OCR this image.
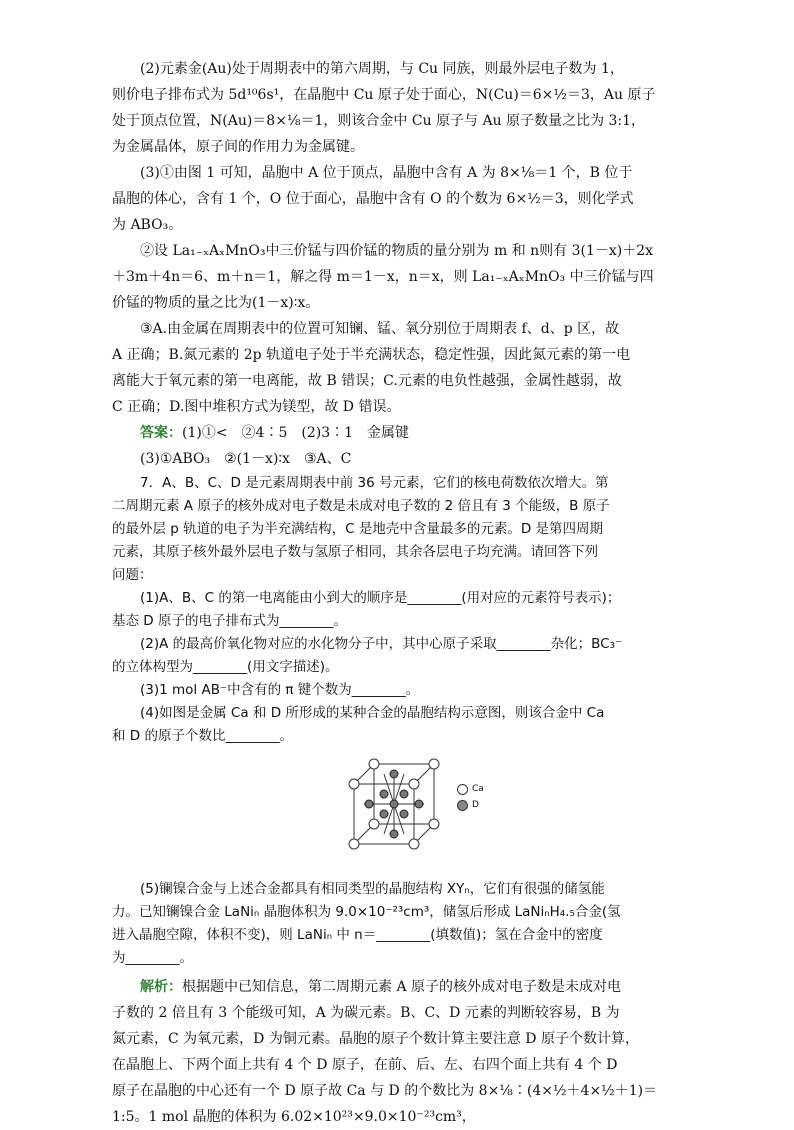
(2)元素金(Au)处于周期表中的第六周期，与 Cu 同族，则最外层电子数为 1，

则价电子排布式为 5d¹⁰6s¹，在晶胞中 Cu 原子处于面心，N(Cu)＝6×½＝3，Au 原子

处于顶点位置，N(Au)＝8×⅛＝1，则该合金中 Cu 原子与 Au 原子数量之比为 3:1，

为金属晶体，原子间的作用力为金属键。

(3)①由图 1 可知，晶胞中 A 位于顶点，晶胞中含有 A 为 8×⅛＝1 个，B 位于

晶胞的体心，含有 1 个，O 位于面心，晶胞中含有 O 的个数为 6×½＝3，则化学式

为 ABO₃。

②设 La₁₋ₓAₓMnO₃中三价锰与四价锰的物质的量分别为 m 和 n则有 3(1－x)＋2x

＋3m＋4n＝6、m＋n＝1，解之得 m＝1－x，n＝x，则 La₁₋ₓAₓMnO₃ 中三价锰与四

价锰的物质的量之比为(1－x)∶x。

③A.由金属在周期表中的位置可知镧、锰、氧分别位于周期表 f、d、p 区，故

A 正确；B.氮元素的 2p 轨道电子处于半充满状态，稳定性强，因此氮元素的第一电

离能大于氧元素的第一电离能，故 B 错误；C.元素的电负性越强，金属性越弱，故

C 正确；D.图中堆积方式为镁型，故 D 错误。

答案：(1)①<　②4∶5　(2)3∶1　金属键

(3)①ABO₃　②(1－x)∶x　③A、C

7．A、B、C、D 是元素周期表中前 36 号元素，它们的核电荷数依次增大。第

二周期元素 A 原子的核外成对电子数是未成对电子数的 2 倍且有 3 个能级，B 原子

的最外层 p 轨道的电子为半充满结构，C 是地壳中含量最多的元素。D 是第四周期

元素，其原子核外最外层电子数与氢原子相同，其余各层电子均充满。请回答下列

问题：

(1)A、B、C 的第一电离能由小到大的顺序是________(用对应的元素符号表示)；

基态 D 原子的电子排布式为________。

(2)A 的最高价氧化物对应的水化物分子中，其中心原子采取________杂化；BC₃⁻

的立体构型为________(用文字描述)。

(3)1 mol AB⁻中含有的 π 键个数为________。

(4)如图是金属 Ca 和 D 所形成的某种合金的晶胞结构示意图，则该合金中 Ca

和 D 的原子个数比________。

Ca
D

(5)镧镍合金与上述合金都具有相同类型的晶胞结构 XYₙ，它们有很强的储氢能

力。已知镧镍合金 LaNiₙ 晶胞体积为 9.0×10⁻²³cm³，储氢后形成 LaNiₙH₄.₅合金(氢

进入晶胞空隙，体积不变)，则 LaNiₙ 中 n＝________(填数值)；氢在合金中的密度

为________。

解析：根据题中已知信息，第二周期元素 A 原子的核外成对电子数是未成对电

子数的 2 倍且有 3 个能级可知，A 为碳元素。B、C、D 元素的判断较容易，B 为

氮元素，C 为氧元素，D 为铜元素。晶胞的原子个数计算主要注意 D 原子个数计算，

在晶胞上、下两个面上共有 4 个 D 原子，在前、后、左、右四个面上共有 4 个 D

原子在晶胞的中心还有一个 D 原子故 Ca 与 D 的个数比为 8×⅛∶(4×½＋4×½＋1)＝

1:5。1 mol 晶胞的体积为 6.02×10²³×9.0×10⁻²³cm³，
